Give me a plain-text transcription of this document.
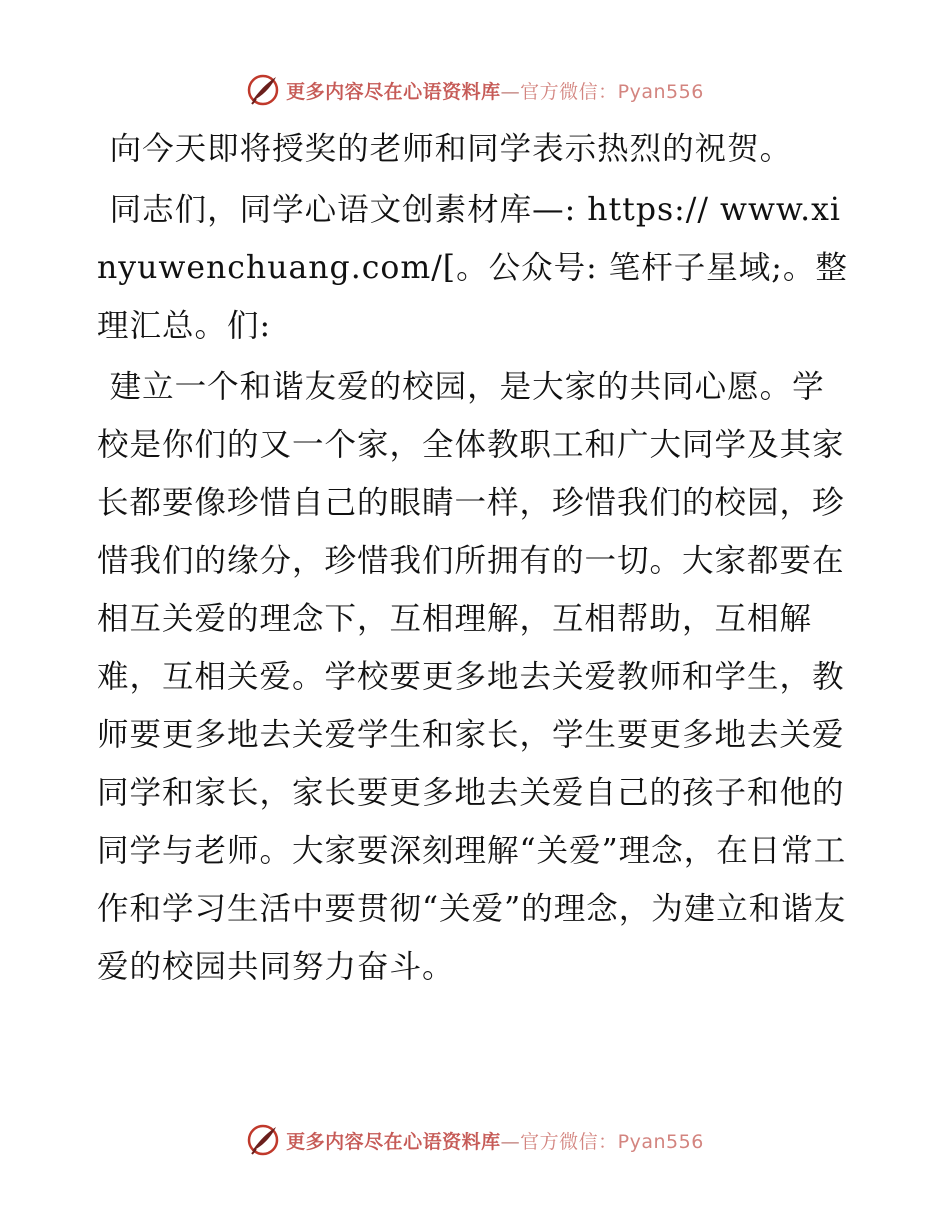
更多内容尽在心语资料库—官方微信：Pyan556

向今天即将授奖的老师和同学表示热烈的祝贺。

同志们，同学心语文创素材库—: https:// www.xinyuwenchuang.com/[。公众号: 笔杆子星域;。整理汇总。们:

建立一个和谐友爱的校园，是大家的共同心愿。学校是你们的又一个家，全体教职工和广大同学及其家长都要像珍惜自己的眼睛一样，珍惜我们的校园，珍惜我们的缘分，珍惜我们所拥有的一切。大家都要在相互关爱的理念下，互相理解，互相帮助，互相解难，互相关爱。学校要更多地去关爱教师和学生，教师要更多地去关爱学生和家长，学生要更多地去关爱同学和家长，家长要更多地去关爱自己的孩子和他的同学与老师。大家要深刻理解“关爱”理念，在日常工作和学习生活中要贯彻“关爱”的理念，为建立和谐友爱的校园共同努力奋斗。

更多内容尽在心语资料库—官方微信：Pyan556
